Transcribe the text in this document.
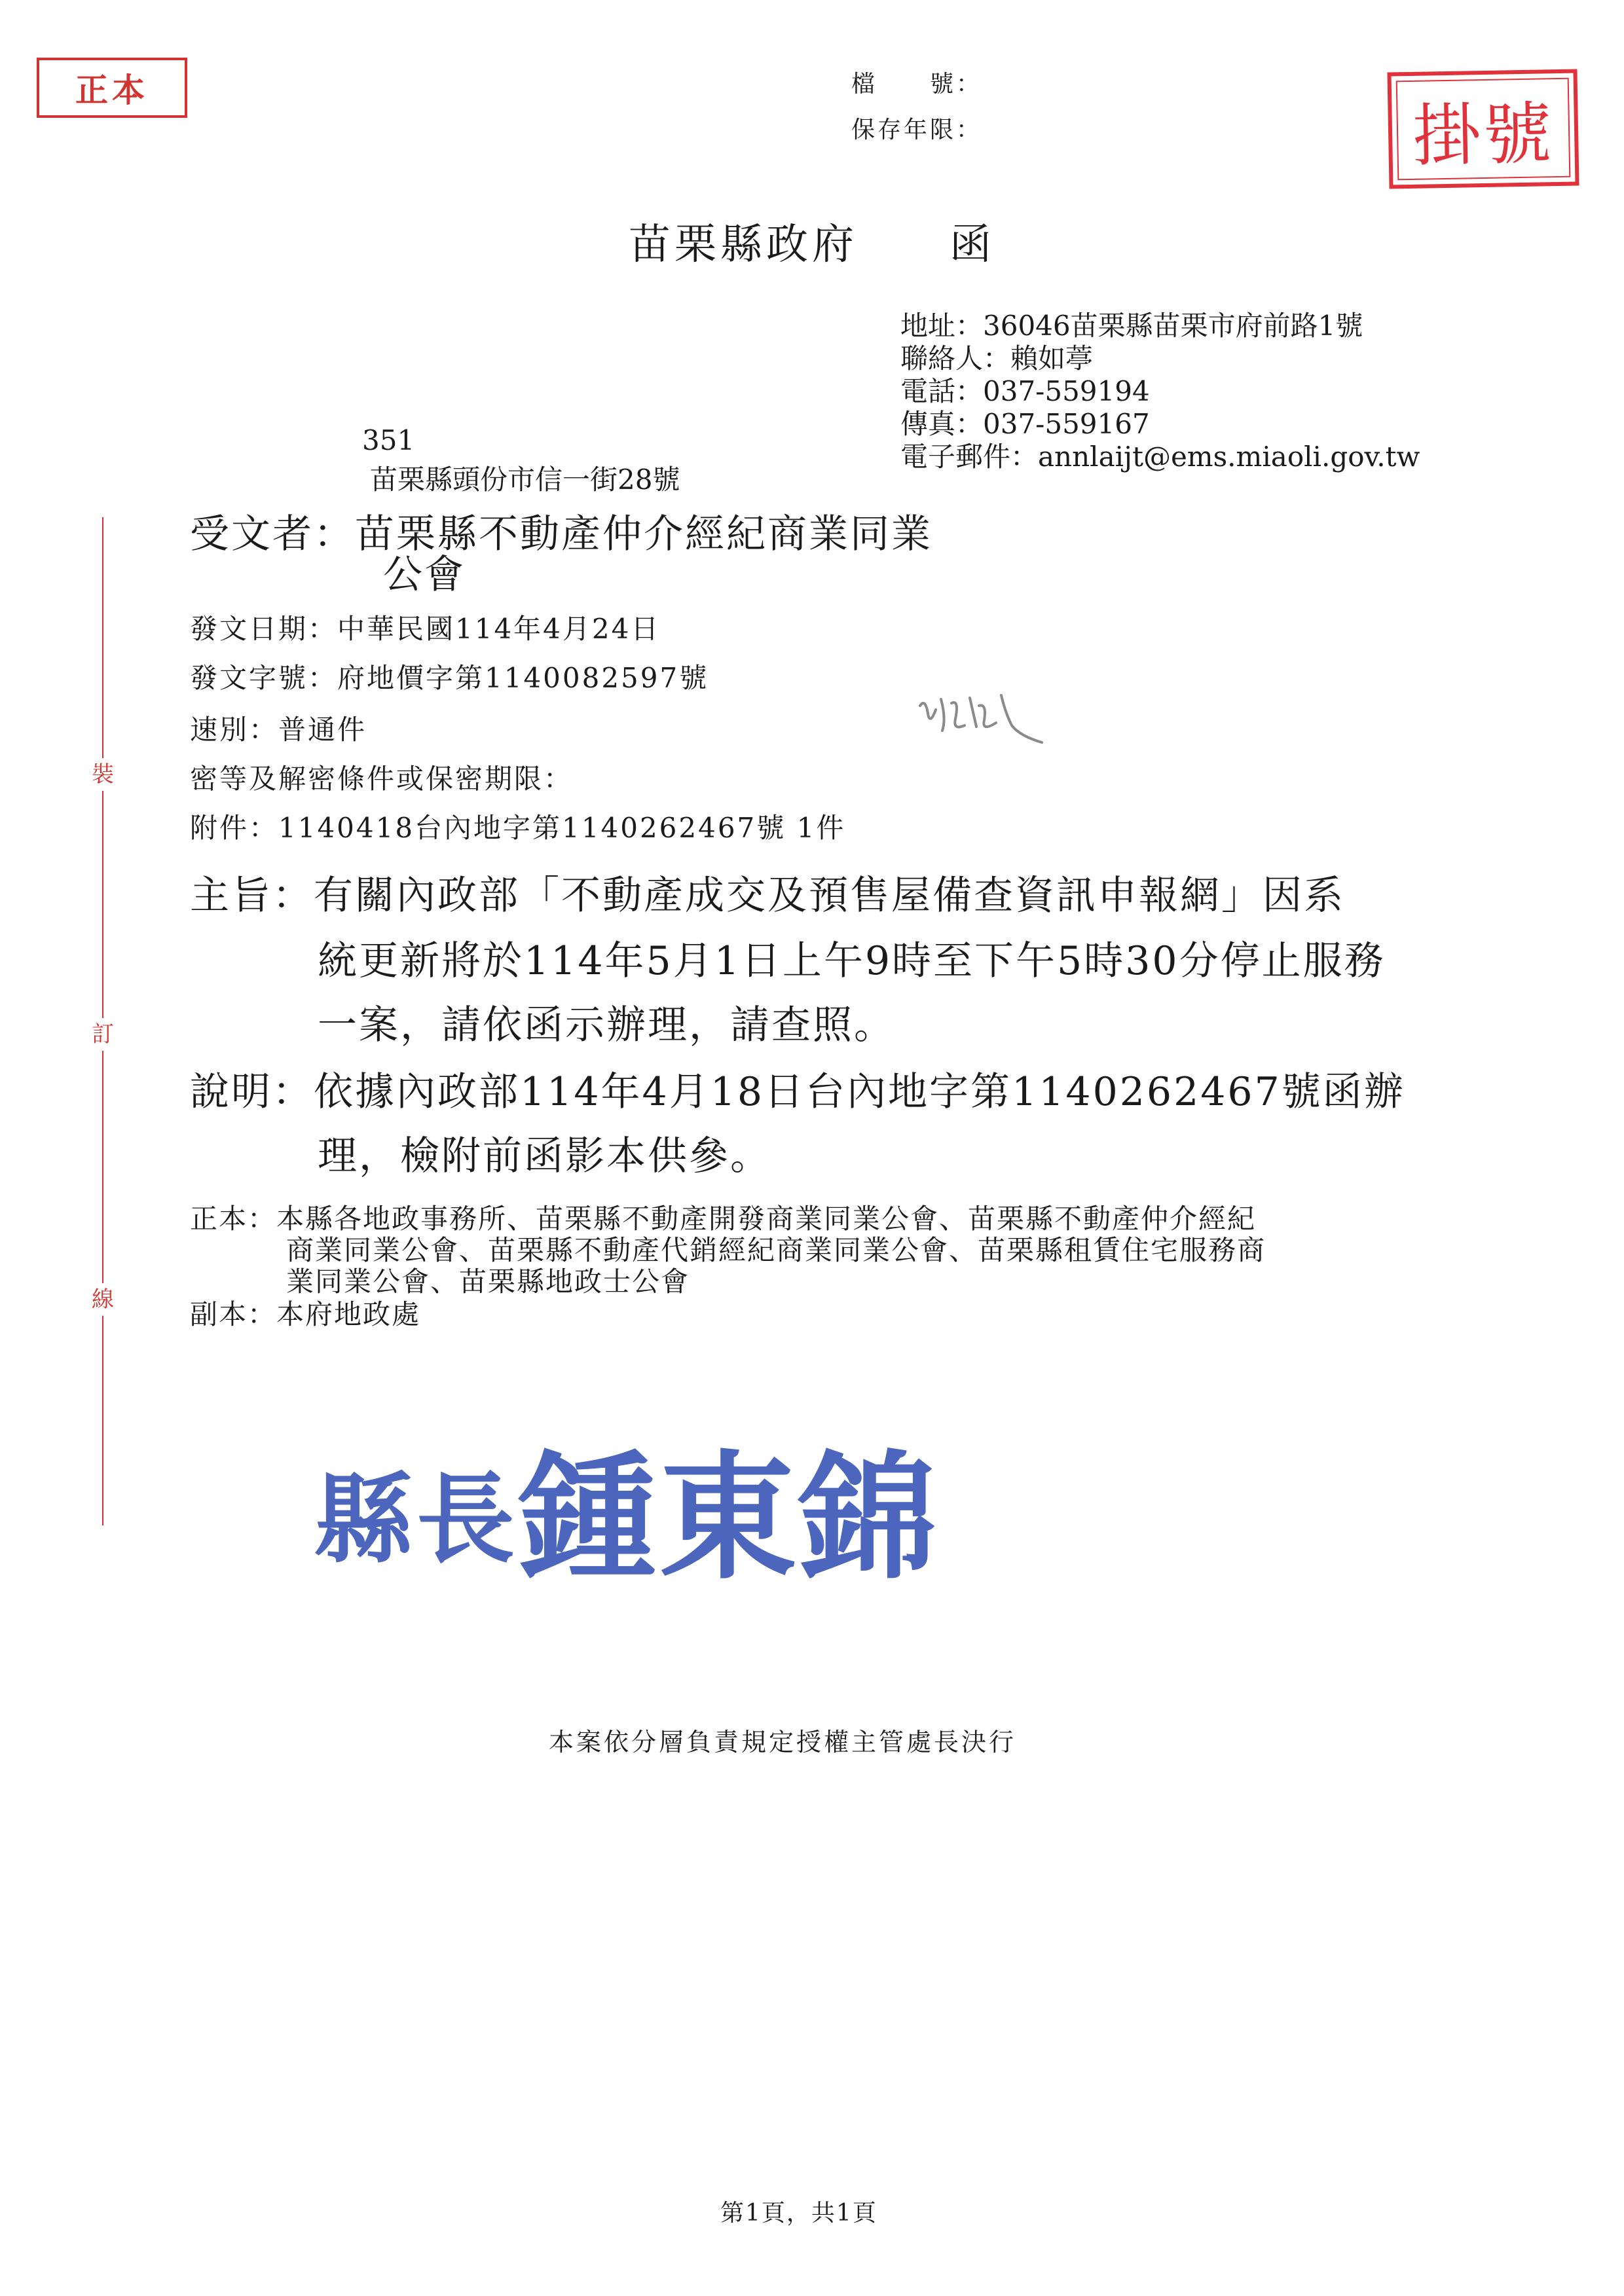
正本
掛號
檔　　號：
保存年限：
苗栗縣政府　　函
地址：36046苗栗縣苗栗市府前路1號
聯絡人：賴如葶
電話：037-559194
傳真：037-559167
電子郵件：annlaijt@ems.miaoli.gov.tw
351
苗栗縣頭份市信一街28號
受文者：苗栗縣不動產仲介經紀商業同業
公會
發文日期：中華民國114年4月24日
發文字號：府地價字第1140082597號
速別：普通件
密等及解密條件或保密期限：
附件：1140418台內地字第1140262467號 1件
主旨：有關內政部「不動產成交及預售屋備查資訊申報網」因系
統更新將於114年5月1日上午9時至下午5時30分停止服務
一案，請依函示辦理，請查照。
說明：依據內政部114年4月18日台內地字第1140262467號函辦
理，檢附前函影本供參。
正本：本縣各地政事務所、苗栗縣不動產開發商業同業公會、苗栗縣不動產仲介經紀
商業同業公會、苗栗縣不動產代銷經紀商業同業公會、苗栗縣租賃住宅服務商
業同業公會、苗栗縣地政士公會
副本：本府地政處
裝
訂
線
縣長鍾東錦
本案依分層負責規定授權主管處長決行
第1頁，共1頁
